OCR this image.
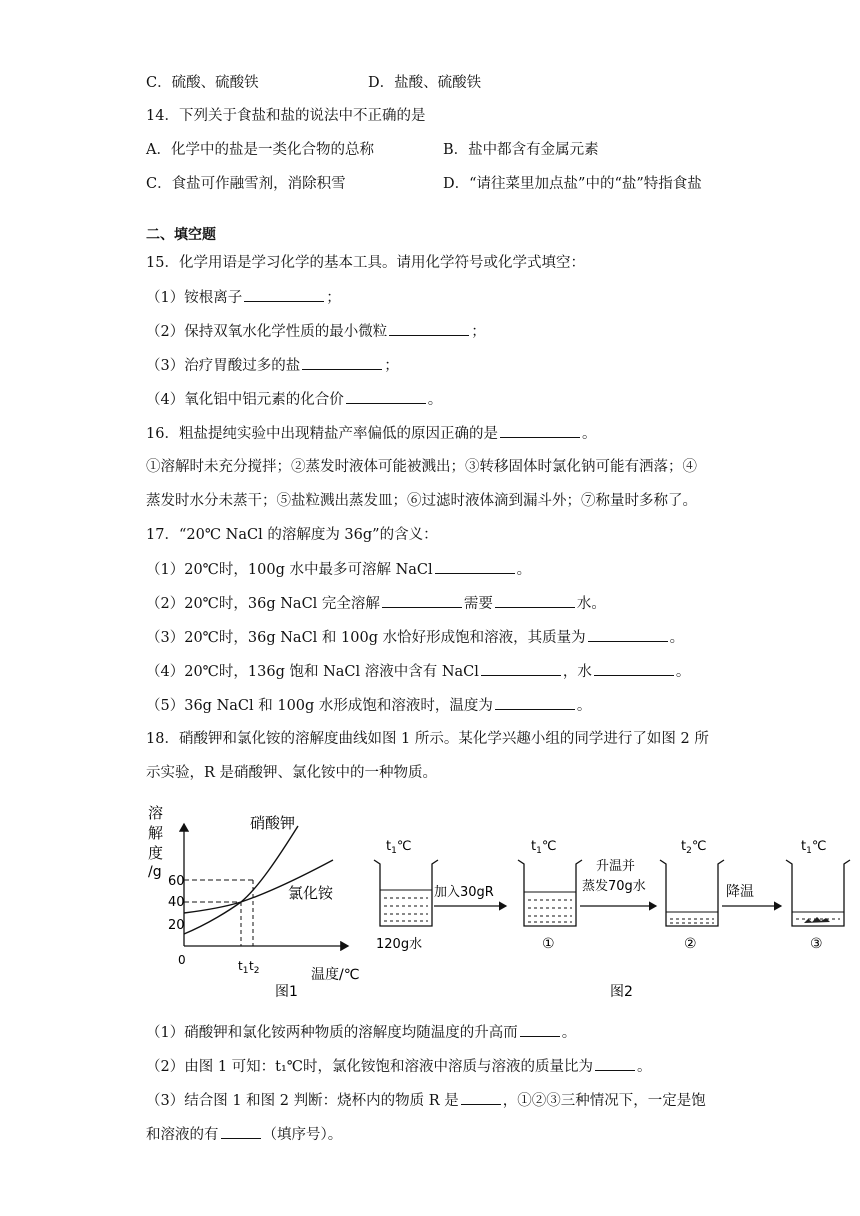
C．硫酸、硫酸铁	D．盐酸、硫酸铁
14．下列关于食盐和盐的说法中不正确的是
A．化学中的盐是一类化合物的总称	B．盐中都含有金属元素
C．食盐可作融雪剂，消除积雪	D．“请往菜里加点盐”中的“盐”特指食盐
二、填空题
15．化学用语是学习化学的基本工具。请用化学符号或化学式填空：
（1）铵根离子	；
（2）保持双氧水化学性质的最小微粒	；
（3）治疗胃酸过多的盐	；
（4）氧化铝中铝元素的化合价	。
16．粗盐提纯实验中出现精盐产率偏低的原因正确的是	。
①溶解时未充分搅拌；②蒸发时液体可能被溅出；③转移固体时氯化钠可能有洒落；④
蒸发时水分未蒸干；⑤盐粒溅出蒸发皿；⑥过滤时液体滴到漏斗外；⑦称量时多称了。
17．“20℃ NaCl 的溶解度为 36g”的含义：
（1）20℃时，100g 水中最多可溶解 NaCl	。
（2）20℃时，36g NaCl 完全溶解	需要	水。
（3）20℃时，36g NaCl 和 100g 水恰好形成饱和溶液，其质量为	。
（4）20℃时，136g 饱和 NaCl 溶液中含有 NaCl	，水	。
（5）36g NaCl 和 100g 水形成饱和溶液时，温度为	。
18．硝酸钾和氯化铵的溶解度曲线如图 1 所示。某化学兴趣小组的同学进行了如图 2 所
示实验，R 是硝酸钾、氯化铵中的一种物质。
溶
解
度
/g
60
40
20
0	$t_1$ $t_2$	温度/℃
硝酸钾
氯化铵
图1
$t_1℃$
120g水
加入30gR
$t_1℃$
①
升温并
蒸发70g水
$t_2℃$
②
降温
$t_1℃$
③
图2
（1）硝酸钾和氯化铵两种物质的溶解度均随温度的升高而	。
（2）由图 1 可知：t₁℃时，氯化铵饱和溶液中溶质与溶液的质量比为	。
（3）结合图 1 和图 2 判断：烧杯内的物质 R 是	，①②③三种情况下，一定是饱
和溶液的有	（填序号）。
